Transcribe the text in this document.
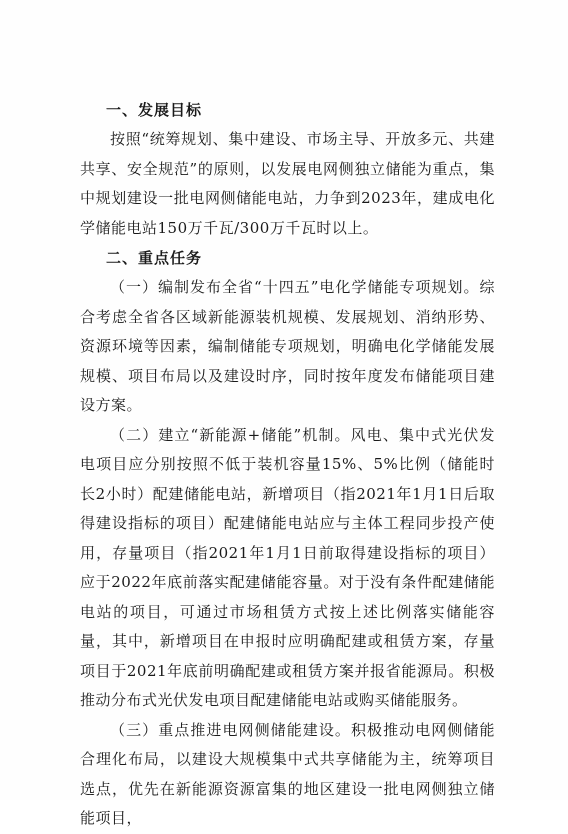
一、发展目标

按照“统筹规划、集中建设、市场主导、开放多元、共建共享、安全规范”的原则，以发展电网侧独立储能为重点，集中规划建设一批电网侧储能电站，力争到2023年，建成电化学储能电站150万千瓦/300万千瓦时以上。

二、重点任务

（一）编制发布全省“十四五”电化学储能专项规划。综合考虑全省各区域新能源装机规模、发展规划、消纳形势、资源环境等因素，编制储能专项规划，明确电化学储能发展规模、项目布局以及建设时序，同时按年度发布储能项目建设方案。

（二）建立“新能源+储能”机制。风电、集中式光伏发电项目应分别按照不低于装机容量15%、5%比例（储能时长2小时）配建储能电站，新增项目（指2021年1月1日后取得建设指标的项目）配建储能电站应与主体工程同步投产使用，存量项目（指2021年1月1日前取得建设指标的项目）应于2022年底前落实配建储能容量。对于没有条件配建储能电站的项目，可通过市场租赁方式按上述比例落实储能容量，其中，新增项目在申报时应明确配建或租赁方案，存量项目于2021年底前明确配建或租赁方案并报省能源局。积极推动分布式光伏发电项目配建储能电站或购买储能服务。

（三）重点推进电网侧储能建设。积极推动电网侧储能合理化布局，以建设大规模集中式共享储能为主，统筹项目选点，优先在新能源资源富集的地区建设一批电网侧独立储能项目，
